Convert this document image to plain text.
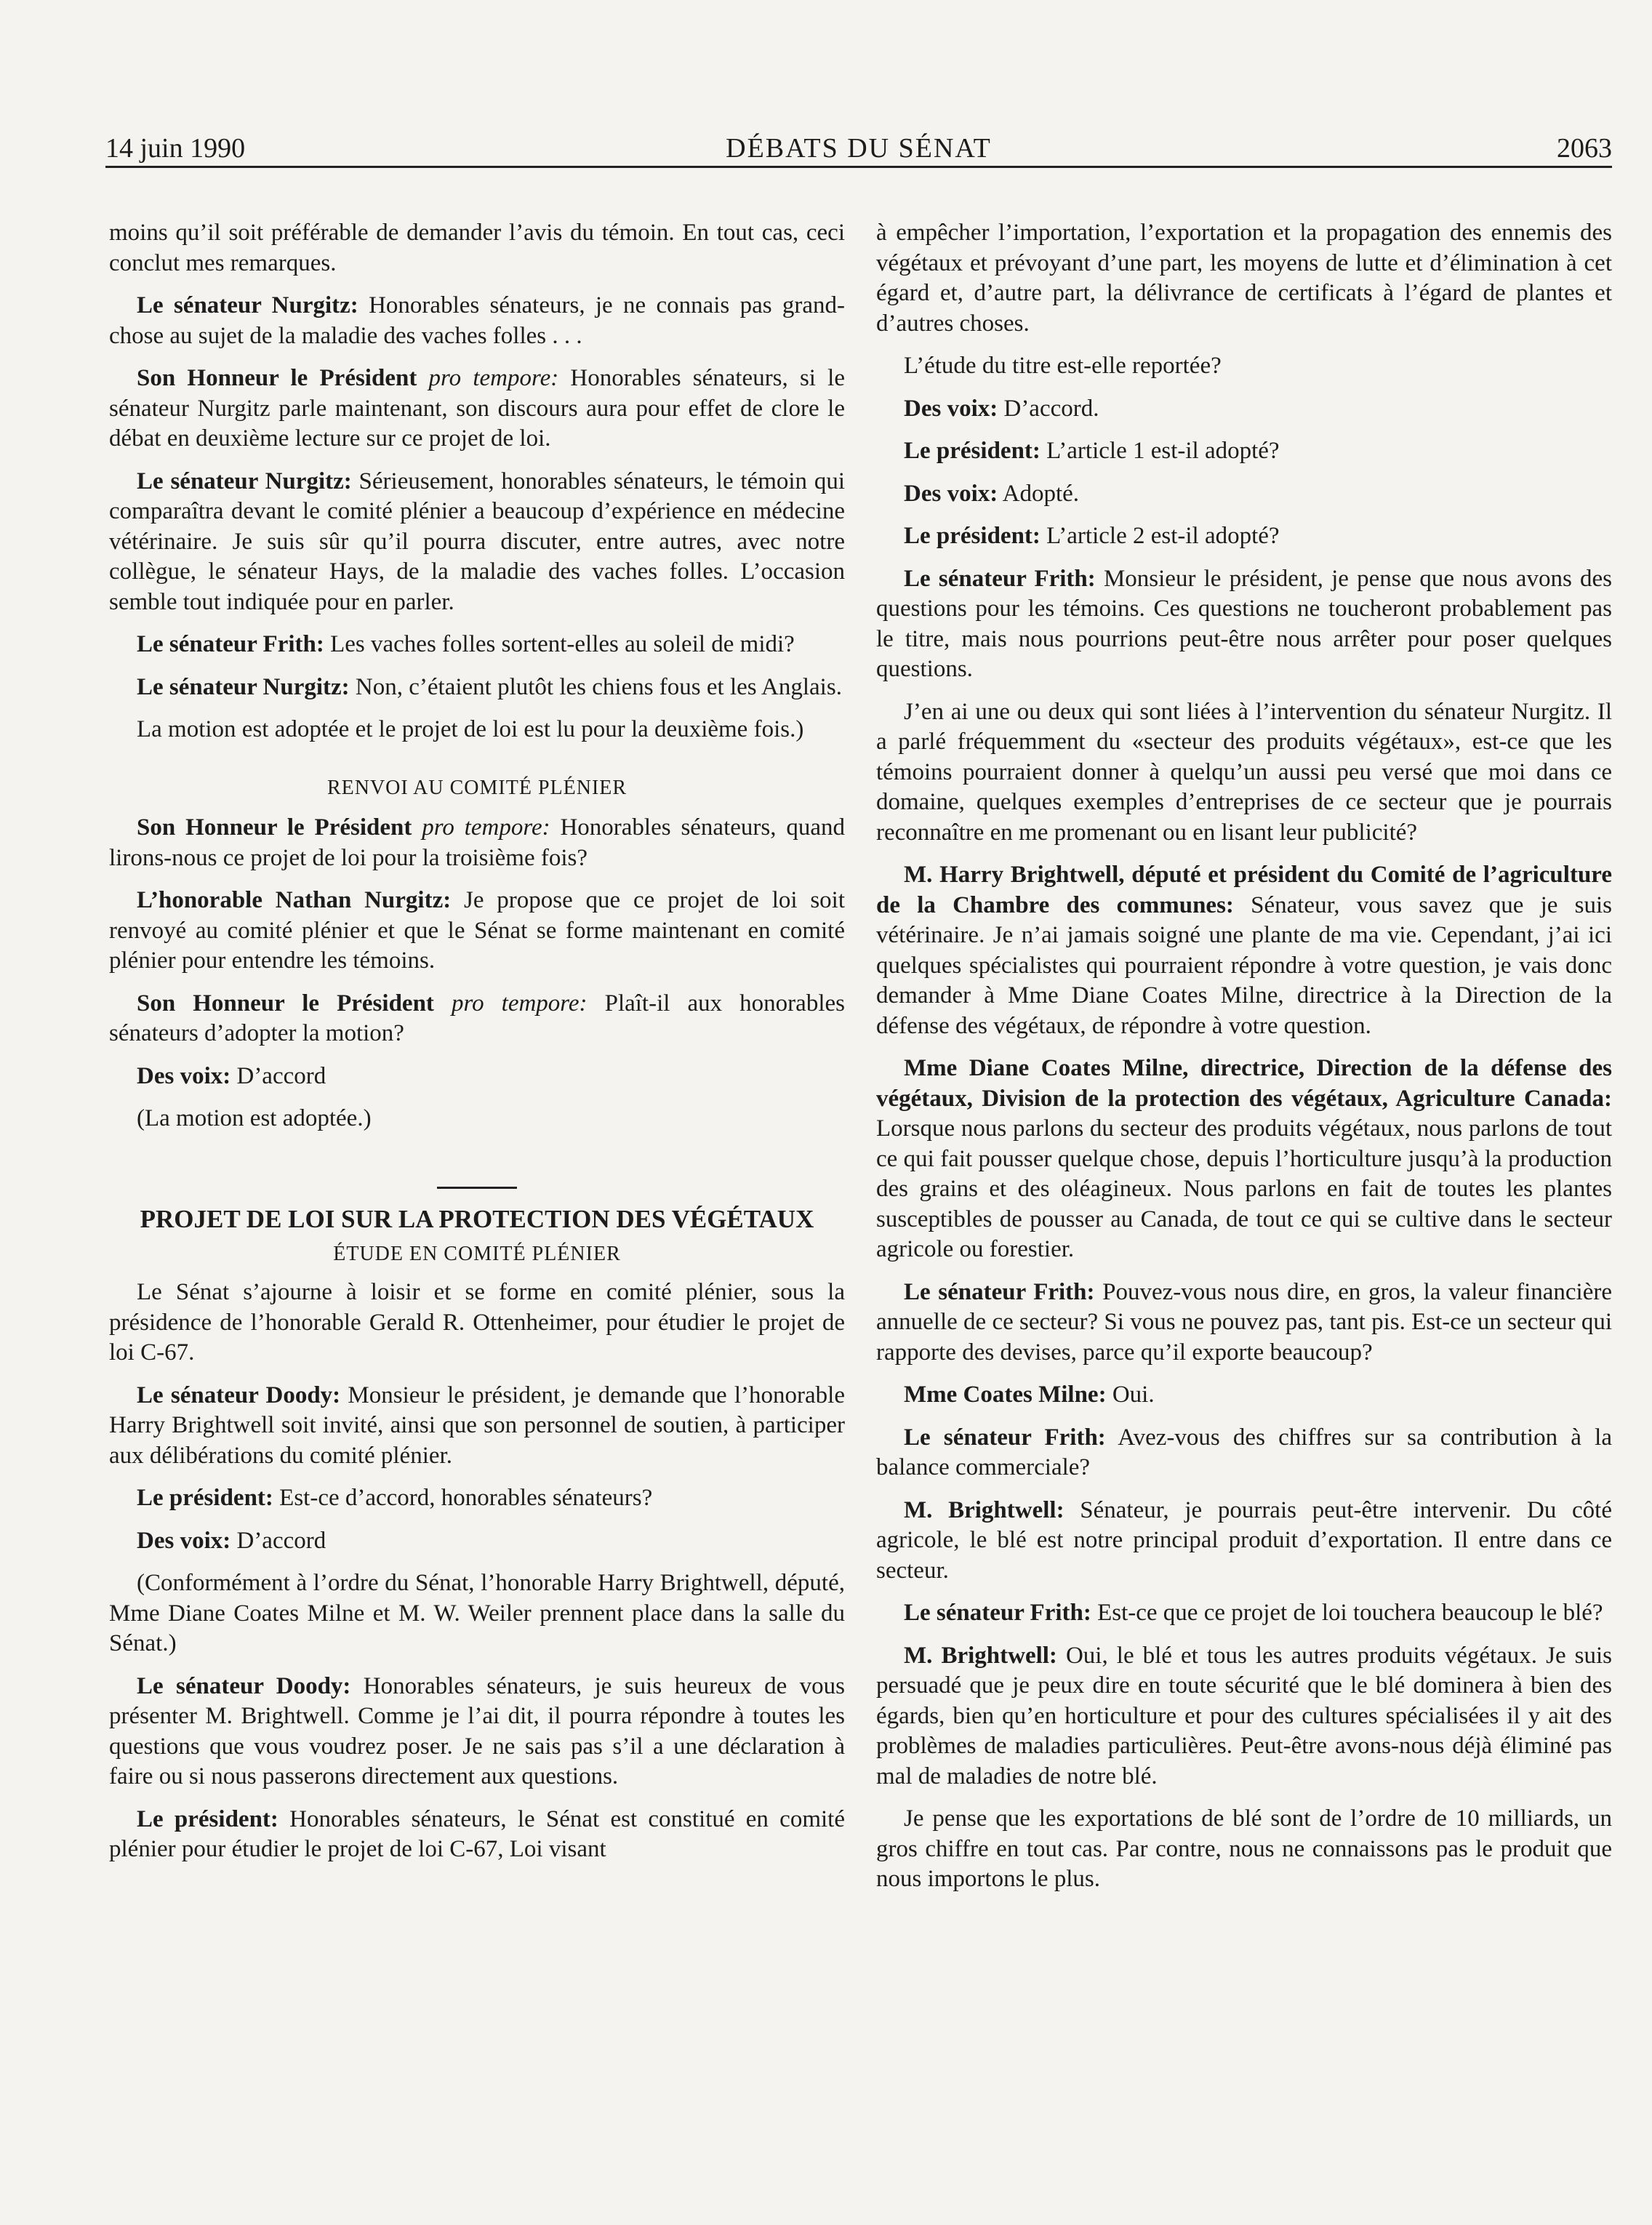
14 juin 1990	DÉBATS DU SÉNAT	2063

moins qu’il soit préférable de demander l’avis du témoin. En tout cas, ceci conclut mes remarques.

Le sénateur Nurgitz: Honorables sénateurs, je ne connais pas grand-chose au sujet de la maladie des vaches folles . . .

Son Honneur le Président pro tempore: Honorables sénateurs, si le sénateur Nurgitz parle maintenant, son discours aura pour effet de clore le débat en deuxième lecture sur ce projet de loi.

Le sénateur Nurgitz: Sérieusement, honorables sénateurs, le témoin qui comparaîtra devant le comité plénier a beaucoup d’expérience en médecine vétérinaire. Je suis sûr qu’il pourra discuter, entre autres, avec notre collègue, le sénateur Hays, de la maladie des vaches folles. L’occasion semble tout indiquée pour en parler.

Le sénateur Frith: Les vaches folles sortent-elles au soleil de midi?

Le sénateur Nurgitz: Non, c’étaient plutôt les chiens fous et les Anglais.

La motion est adoptée et le projet de loi est lu pour la deuxième fois.)

RENVOI AU COMITÉ PLÉNIER

Son Honneur le Président pro tempore: Honorables sénateurs, quand lirons-nous ce projet de loi pour la troisième fois?

L’honorable Nathan Nurgitz: Je propose que ce projet de loi soit renvoyé au comité plénier et que le Sénat se forme maintenant en comité plénier pour entendre les témoins.

Son Honneur le Président pro tempore: Plaît-il aux honorables sénateurs d’adopter la motion?

Des voix: D’accord

(La motion est adoptée.)

PROJET DE LOI SUR LA PROTECTION DES VÉGÉTAUX
ÉTUDE EN COMITÉ PLÉNIER

Le Sénat s’ajourne à loisir et se forme en comité plénier, sous la présidence de l’honorable Gerald R. Ottenheimer, pour étudier le projet de loi C-67.

Le sénateur Doody: Monsieur le président, je demande que l’honorable Harry Brightwell soit invité, ainsi que son personnel de soutien, à participer aux délibérations du comité plénier.

Le président: Est-ce d’accord, honorables sénateurs?

Des voix: D’accord

(Conformément à l’ordre du Sénat, l’honorable Harry Brightwell, député, Mme Diane Coates Milne et M. W. Weiler prennent place dans la salle du Sénat.)

Le sénateur Doody: Honorables sénateurs, je suis heureux de vous présenter M. Brightwell. Comme je l’ai dit, il pourra répondre à toutes les questions que vous voudrez poser. Je ne sais pas s’il a une déclaration à faire ou si nous passerons directement aux questions.

Le président: Honorables sénateurs, le Sénat est constitué en comité plénier pour étudier le projet de loi C-67, Loi visant

à empêcher l’importation, l’exportation et la propagation des ennemis des végétaux et prévoyant d’une part, les moyens de lutte et d’élimination à cet égard et, d’autre part, la délivrance de certificats à l’égard de plantes et d’autres choses.

L’étude du titre est-elle reportée?

Des voix: D’accord.

Le président: L’article 1 est-il adopté?

Des voix: Adopté.

Le président: L’article 2 est-il adopté?

Le sénateur Frith: Monsieur le président, je pense que nous avons des questions pour les témoins. Ces questions ne toucheront probablement pas le titre, mais nous pourrions peut-être nous arrêter pour poser quelques questions.

J’en ai une ou deux qui sont liées à l’intervention du sénateur Nurgitz. Il a parlé fréquemment du «secteur des produits végétaux», est-ce que les témoins pourraient donner à quelqu’un aussi peu versé que moi dans ce domaine, quelques exemples d’entreprises de ce secteur que je pourrais reconnaître en me promenant ou en lisant leur publicité?

M. Harry Brightwell, député et président du Comité de l’agriculture de la Chambre des communes: Sénateur, vous savez que je suis vétérinaire. Je n’ai jamais soigné une plante de ma vie. Cependant, j’ai ici quelques spécialistes qui pourraient répondre à votre question, je vais donc demander à Mme Diane Coates Milne, directrice à la Direction de la défense des végétaux, de répondre à votre question.

Mme Diane Coates Milne, directrice, Direction de la défense des végétaux, Division de la protection des végétaux, Agriculture Canada: Lorsque nous parlons du secteur des produits végétaux, nous parlons de tout ce qui fait pousser quelque chose, depuis l’horticulture jusqu’à la production des grains et des oléagineux. Nous parlons en fait de toutes les plantes susceptibles de pousser au Canada, de tout ce qui se cultive dans le secteur agricole ou forestier.

Le sénateur Frith: Pouvez-vous nous dire, en gros, la valeur financière annuelle de ce secteur? Si vous ne pouvez pas, tant pis. Est-ce un secteur qui rapporte des devises, parce qu’il exporte beaucoup?

Mme Coates Milne: Oui.

Le sénateur Frith: Avez-vous des chiffres sur sa contribution à la balance commerciale?

M. Brightwell: Sénateur, je pourrais peut-être intervenir. Du côté agricole, le blé est notre principal produit d’exportation. Il entre dans ce secteur.

Le sénateur Frith: Est-ce que ce projet de loi touchera beaucoup le blé?

M. Brightwell: Oui, le blé et tous les autres produits végétaux. Je suis persuadé que je peux dire en toute sécurité que le blé dominera à bien des égards, bien qu’en horticulture et pour des cultures spécialisées il y ait des problèmes de maladies particulières. Peut-être avons-nous déjà éliminé pas mal de maladies de notre blé.

Je pense que les exportations de blé sont de l’ordre de 10 milliards, un gros chiffre en tout cas. Par contre, nous ne connaissons pas le produit que nous importons le plus.
